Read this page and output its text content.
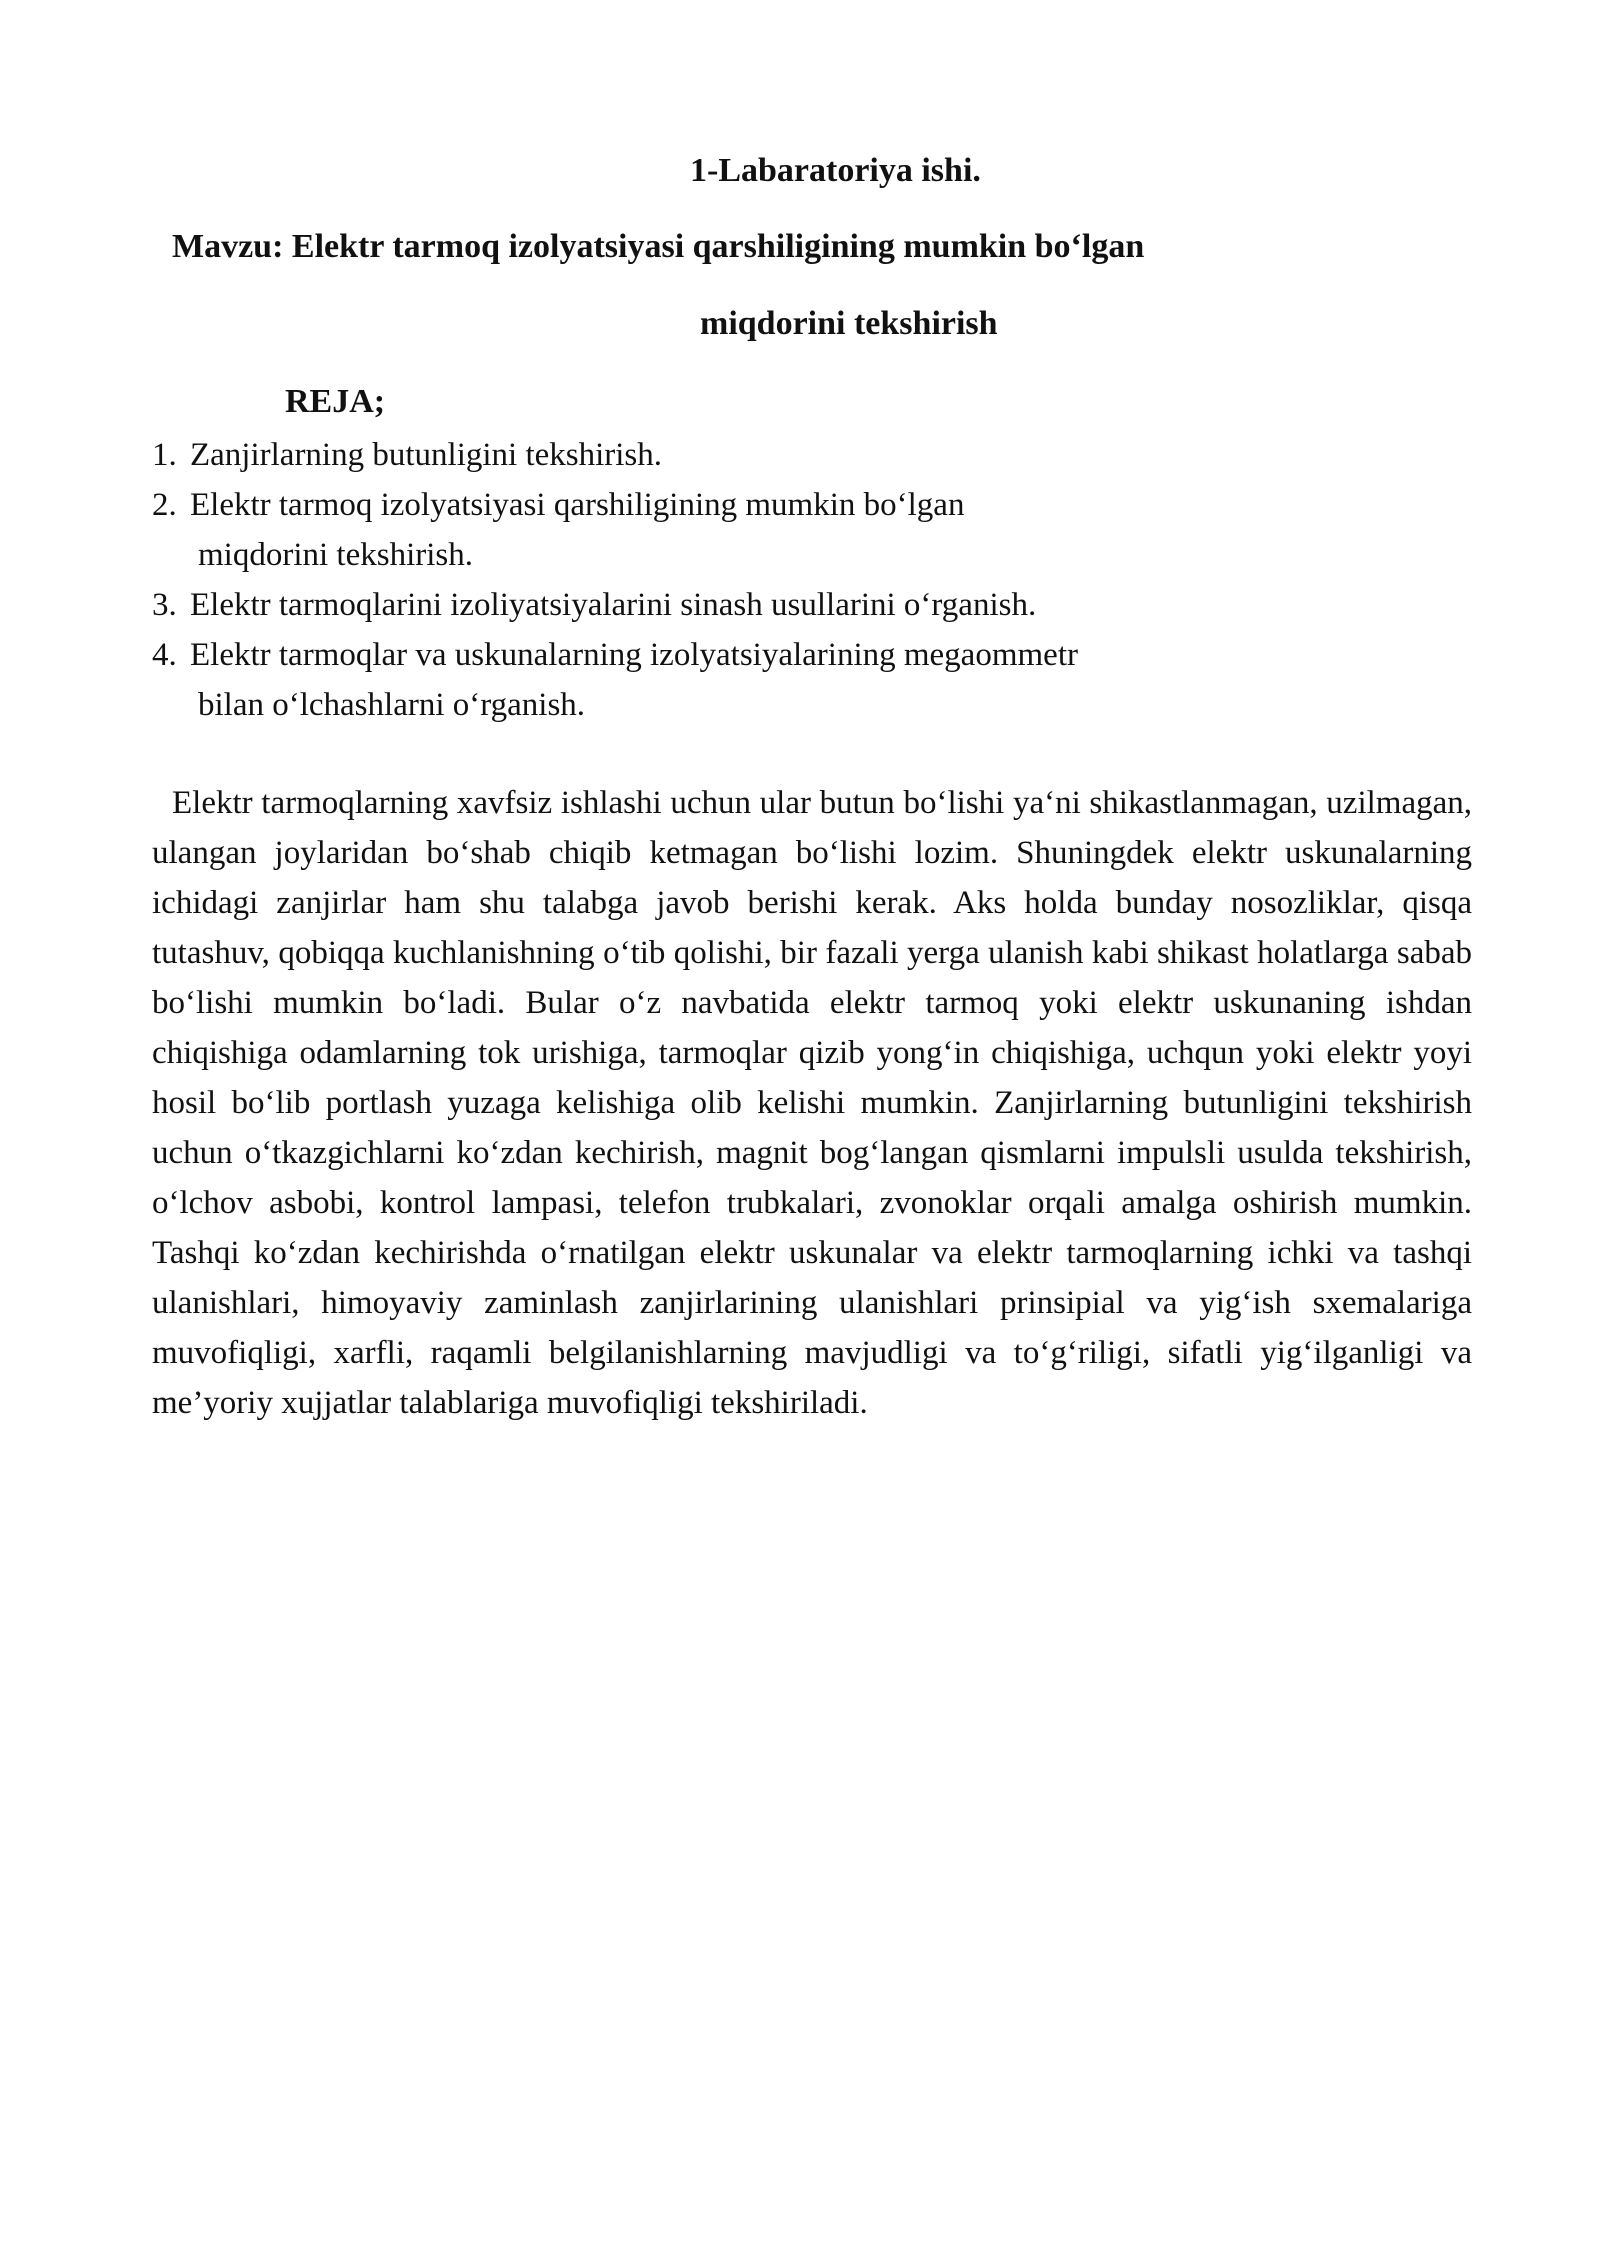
1-Labaratoriya ishi.
Mavzu: Elektr tarmoq izolyatsiyasi qarshiligining mumkin bo‘lgan
miqdorini tekshirish
REJA;
1. Zanjirlarning butunligini tekshirish.
2. Elektr tarmoq izolyatsiyasi qarshiligining mumkin bo‘lgan
miqdorini tekshirish.
3. Elektr tarmoqlarini izoliyatsiyalarini sinash usullarini o‘rganish.
4. Elektr tarmoqlar va uskunalarning izolyatsiyalarining megaommetr
bilan o‘lchashlarni o‘rganish.

Elektr tarmoqlarning xavfsiz ishlashi uchun ular butun bo‘lishi ya‘ni shikastlanmagan, uzilmagan, ulangan joylaridan bo‘shab chiqib ketmagan bo‘lishi lozim. Shuningdek elektr uskunalarning ichidagi zanjirlar ham shu talabga javob berishi kerak. Aks holda bunday nosozliklar, qisqa tutashuv, qobiqqa kuchlanishning o‘tib qolishi, bir fazali yerga ulanish kabi shikast holatlarga sabab bo‘lishi mumkin bo‘ladi. Bular o‘z navbatida elektr tarmoq yoki elektr uskunaning ishdan chiqishiga odamlarning tok urishiga, tarmoqlar qizib yong‘in chiqishiga, uchqun yoki elektr yoyi hosil bo‘lib portlash yuzaga kelishiga olib kelishi mumkin. Zanjirlarning butunligini tekshirish uchun o‘tkazgichlarni ko‘zdan kechirish, magnit bog‘langan qismlarni impulsli usulda tekshirish, o‘lchov asbobi, kontrol lampasi, telefon trubkalari, zvonoklar orqali amalga oshirish mumkin. Tashqi ko‘zdan kechirishda o‘rnatilgan elektr uskunalar va elektr tarmoqlarning ichki va tashqi ulanishlari, himoyaviy zaminlash zanjirlarining ulanishlari prinsipial va yig‘ish sxemalariga muvofiqligi, xarfli, raqamli belgilanishlarning mavjudligi va to‘g‘riligi, sifatli yig‘ilganligi va me’yoriy xujjatlar talablariga muvofiqligi tekshiriladi.
